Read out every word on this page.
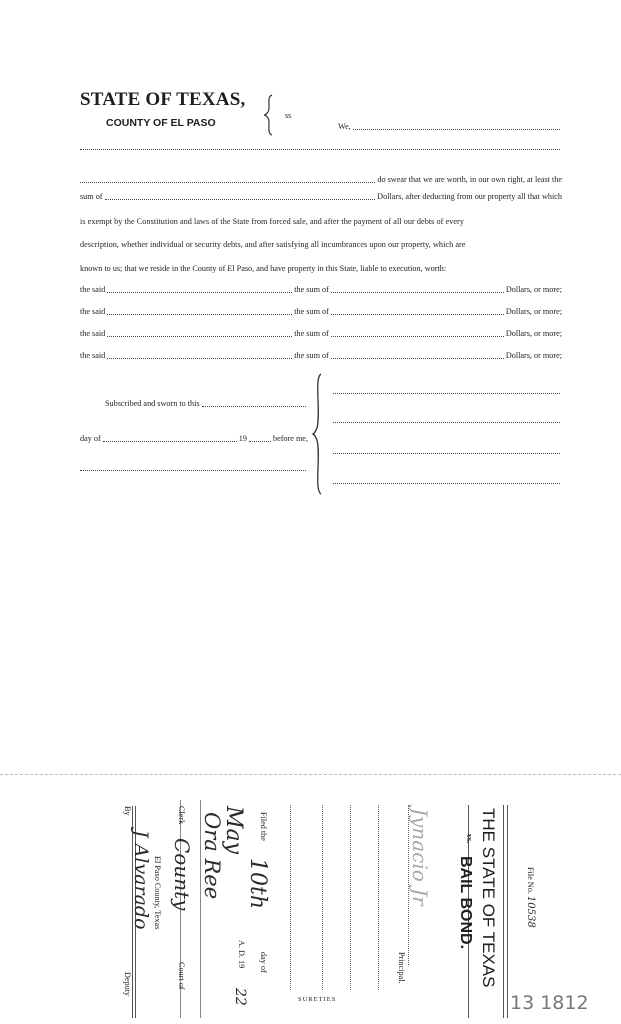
STATE OF TEXAS,
COUNTY OF EL PASO
ss
We,
do swear that we are worth, in our own right, at least the
sum of	Dollars, after deducting from our property all that which
is exempt by the Constitution and laws of the State from forced sale, and after the payment of all our debts of every
description, whether individual or security debts, and after satisfying all incumbrances upon our property, which are
known to us; that we reside in the County of El Paso, and have property in this State, liable to execution, worth:
the said	the sum of	Dollars, or more;
the said	the sum of	Dollars, or more;
the said	the sum of	Dollars, or more;
the said	the sum of	Dollars, or more;
Subscribed and sworn to this
day of	19	before me,
File No. 10538
THE STATE OF TEXAS
vs.
BAIL BOND.
Jynacio Jr
Principal.
SURETIES
Filed the
10th
day of
May
A. D. 19
22
Ora Ree
Clerk
County
Court of
El Paso County, Texas
By
J Alvarado
Deputy
13 1812
